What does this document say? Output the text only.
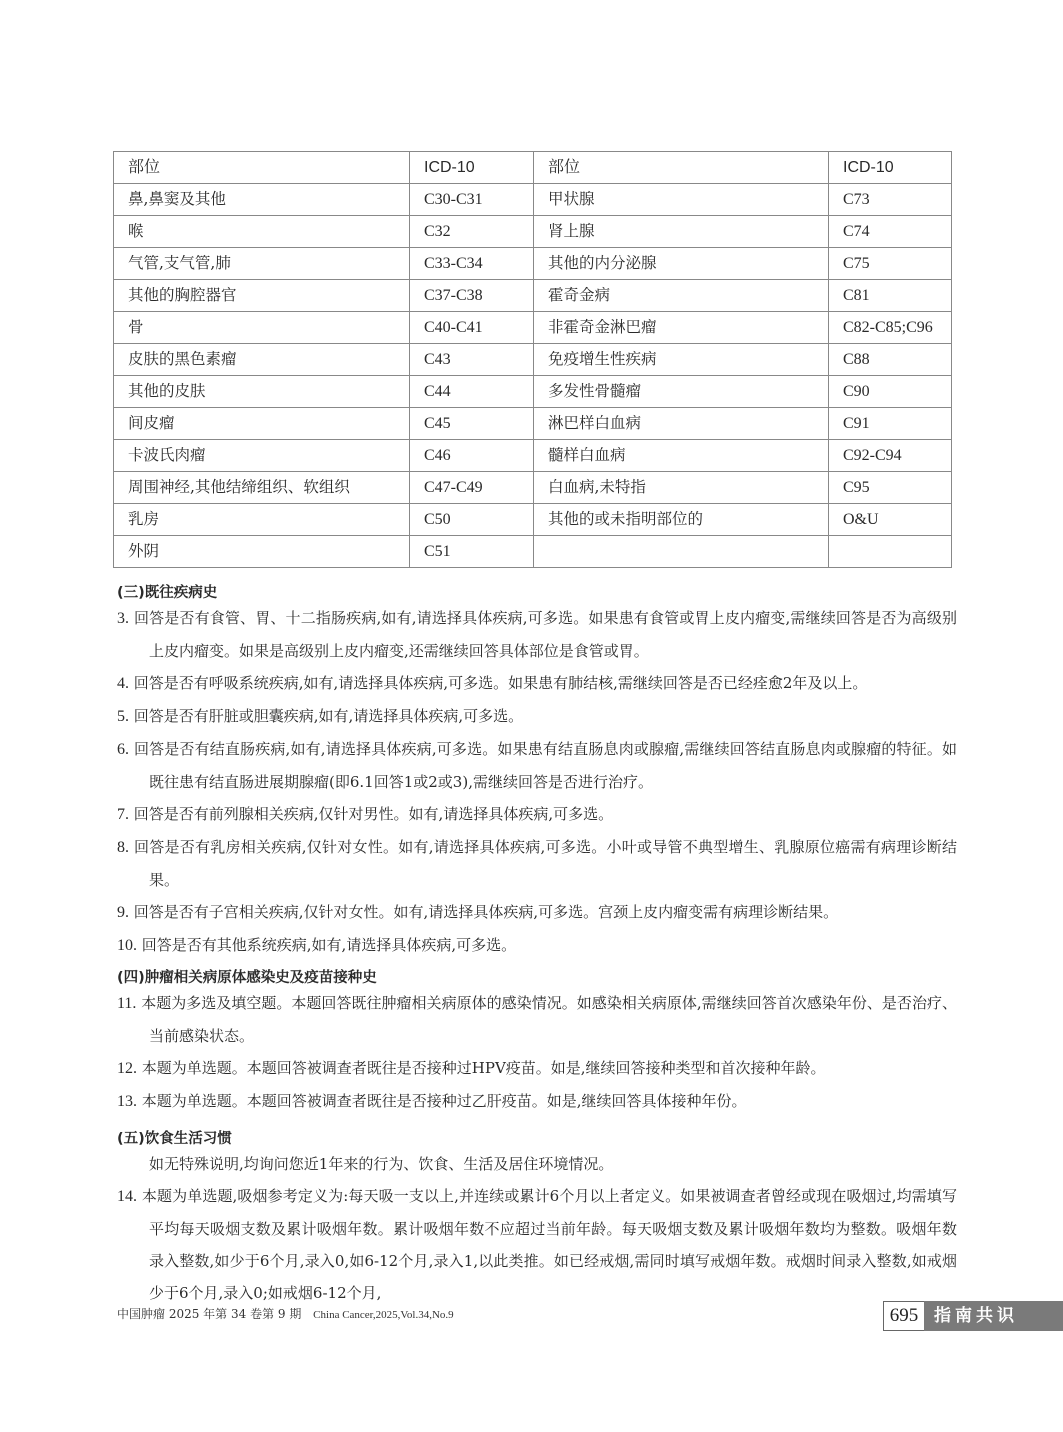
部位	ICD-10	部位	ICD-10
鼻,鼻窦及其他	C30-C31	甲状腺	C73
喉	C32	肾上腺	C74
气管,支气管,肺	C33-C34	其他的内分泌腺	C75
其他的胸腔器官	C37-C38	霍奇金病	C81
骨	C40-C41	非霍奇金淋巴瘤	C82-C85;C96
皮肤的黑色素瘤	C43	免疫增生性疾病	C88
其他的皮肤	C44	多发性骨髓瘤	C90
间皮瘤	C45	淋巴样白血病	C91
卡波氏肉瘤	C46	髓样白血病	C92-C94
周围神经,其他结缔组织、软组织	C47-C49	白血病,未特指	C95
乳房	C50	其他的或未指明部位的	O&U
外阴	C51		
(三)既往疾病史
3. 回答是否有食管、胃、十二指肠疾病,如有,请选择具体疾病,可多选。如果患有食管或胃上皮内瘤变,需继续回答是否为高级别上皮内瘤变。如果是高级别上皮内瘤变,还需继续回答具体部位是食管或胃。
4. 回答是否有呼吸系统疾病,如有,请选择具体疾病,可多选。如果患有肺结核,需继续回答是否已经痊愈2年及以上。
5. 回答是否有肝脏或胆囊疾病,如有,请选择具体疾病,可多选。
6. 回答是否有结直肠疾病,如有,请选择具体疾病,可多选。如果患有结直肠息肉或腺瘤,需继续回答结直肠息肉或腺瘤的特征。如既往患有结直肠进展期腺瘤(即6.1回答1或2或3),需继续回答是否进行治疗。
7. 回答是否有前列腺相关疾病,仅针对男性。如有,请选择具体疾病,可多选。
8. 回答是否有乳房相关疾病,仅针对女性。如有,请选择具体疾病,可多选。小叶或导管不典型增生、乳腺原位癌需有病理诊断结果。
9. 回答是否有子宫相关疾病,仅针对女性。如有,请选择具体疾病,可多选。宫颈上皮内瘤变需有病理诊断结果。
10. 回答是否有其他系统疾病,如有,请选择具体疾病,可多选。
(四)肿瘤相关病原体感染史及疫苗接种史
11. 本题为多选及填空题。本题回答既往肿瘤相关病原体的感染情况。如感染相关病原体,需继续回答首次感染年份、是否治疗、当前感染状态。
12. 本题为单选题。本题回答被调查者既往是否接种过HPV疫苗。如是,继续回答接种类型和首次接种年龄。
13. 本题为单选题。本题回答被调查者既往是否接种过乙肝疫苗。如是,继续回答具体接种年份。
(五)饮食生活习惯
如无特殊说明,均询问您近1年来的行为、饮食、生活及居住环境情况。
14. 本题为单选题,吸烟参考定义为:每天吸一支以上,并连续或累计6个月以上者定义。如果被调查者曾经或现在吸烟过,均需填写平均每天吸烟支数及累计吸烟年数。累计吸烟年数不应超过当前年龄。每天吸烟支数及累计吸烟年数均为整数。吸烟年数录入整数,如少于6个月,录入0,如6-12个月,录入1,以此类推。如已经戒烟,需同时填写戒烟年数。戒烟时间录入整数,如戒烟少于6个月,录入0;如戒烟6-12个月,
中国肿瘤 2025 年第 34 卷第 9 期 China Cancer,2025,Vol.34,No.9	695 指南共识
